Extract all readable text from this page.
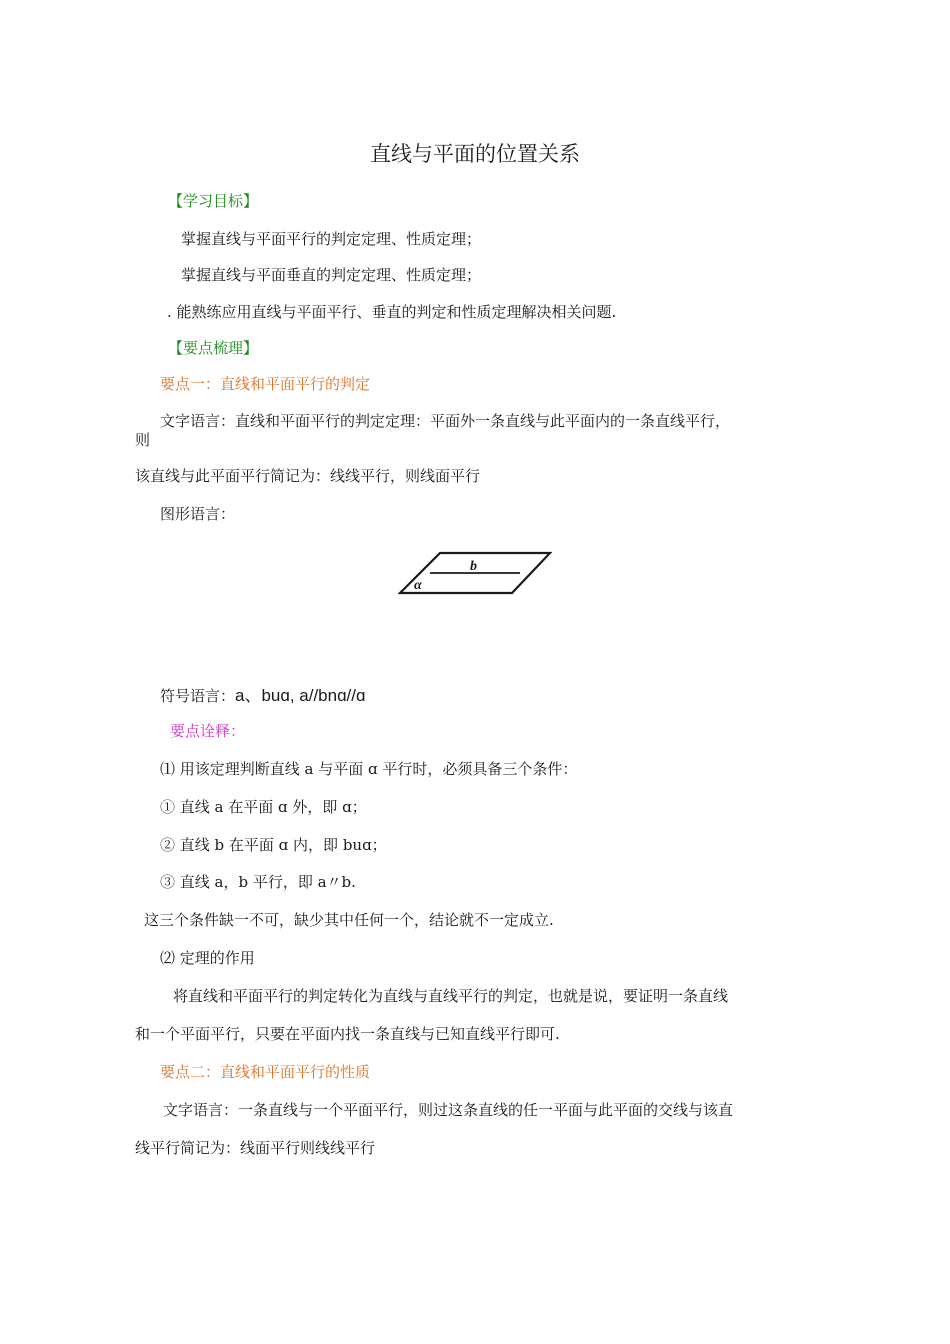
直线与平面的位置关系
【学习目标】
掌握直线与平面平行的判定定理、性质定理；
掌握直线与平面垂直的判定定理、性质定理；
. 能熟练应用直线与平面平行、垂直的判定和性质定理解决相关问题.
【要点梳理】
要点一：直线和平面平行的判定
文字语言：直线和平面平行的判定定理：平面外一条直线与此平面内的一条直线平行，
则
该直线与此平面平行简记为：线线平行，则线面平行
图形语言：
b
α
符号语言：a、buɑ, a//bnɑ//ɑ
要点诠释：
⑴ 用该定理判断直线 a 与平面 ɑ 平行时，必须具备三个条件：
① 直线 a 在平面 ɑ 外，即 ɑ；
② 直线 b 在平面 ɑ 内，即 buɑ；
③ 直线 a，b 平行，即 a〃b.
这三个条件缺一不可，缺少其中任何一个，结论就不一定成立.
⑵ 定理的作用
将直线和平面平行的判定转化为直线与直线平行的判定，也就是说，要证明一条直线
和一个平面平行，只要在平面内找一条直线与已知直线平行即可.
要点二：直线和平面平行的性质
文字语言：一条直线与一个平面平行，则过这条直线的任一平面与此平面的交线与该直
线平行简记为：线面平行则线线平行
